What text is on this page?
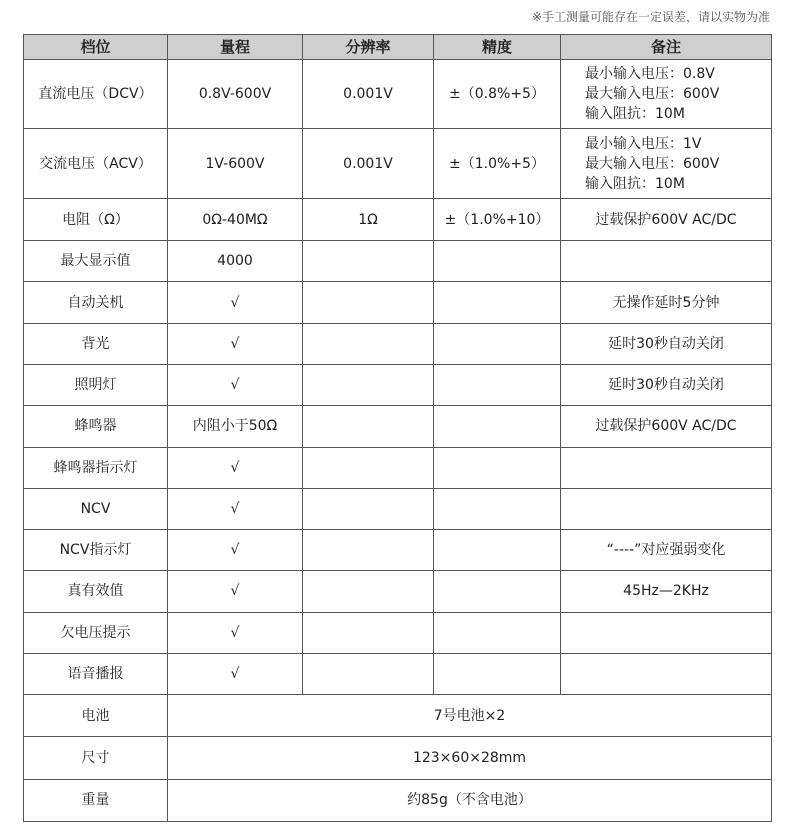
※手工测量可能存在一定误差，请以实物为准
档位	量程	分辨率	精度	备注
直流电压（DCV）	0.8V-600V	0.001V	±（0.8%+5）	最小输入电压：0.8V
最大输入电压：600V
输入阻抗：10M

交流电压（ACV）	1V-600V	0.001V	±（1.0%+5）	最小输入电压：1V
最大输入电压：600V
输入阻抗：10M

电阻（Ω）	0Ω-40MΩ	1Ω	±（1.0%+10）	过载保护600V AC/DC
最大显示值	4000			
自动关机	√			无操作延时5分钟
背光	√			延时30秒自动关闭
照明灯	√			延时30秒自动关闭
蜂鸣器	内阻小于50Ω			过载保护600V AC/DC
蜂鸣器指示灯	√			
NCV	√			
NCV指示灯	√			“----”对应强弱变化
真有效值	√			45Hz—2KHz
欠电压提示	√			
语音播报	√			
电池	7号电池×2			
尺寸	123×60×28mm			
重量	约85g（不含电池）			
